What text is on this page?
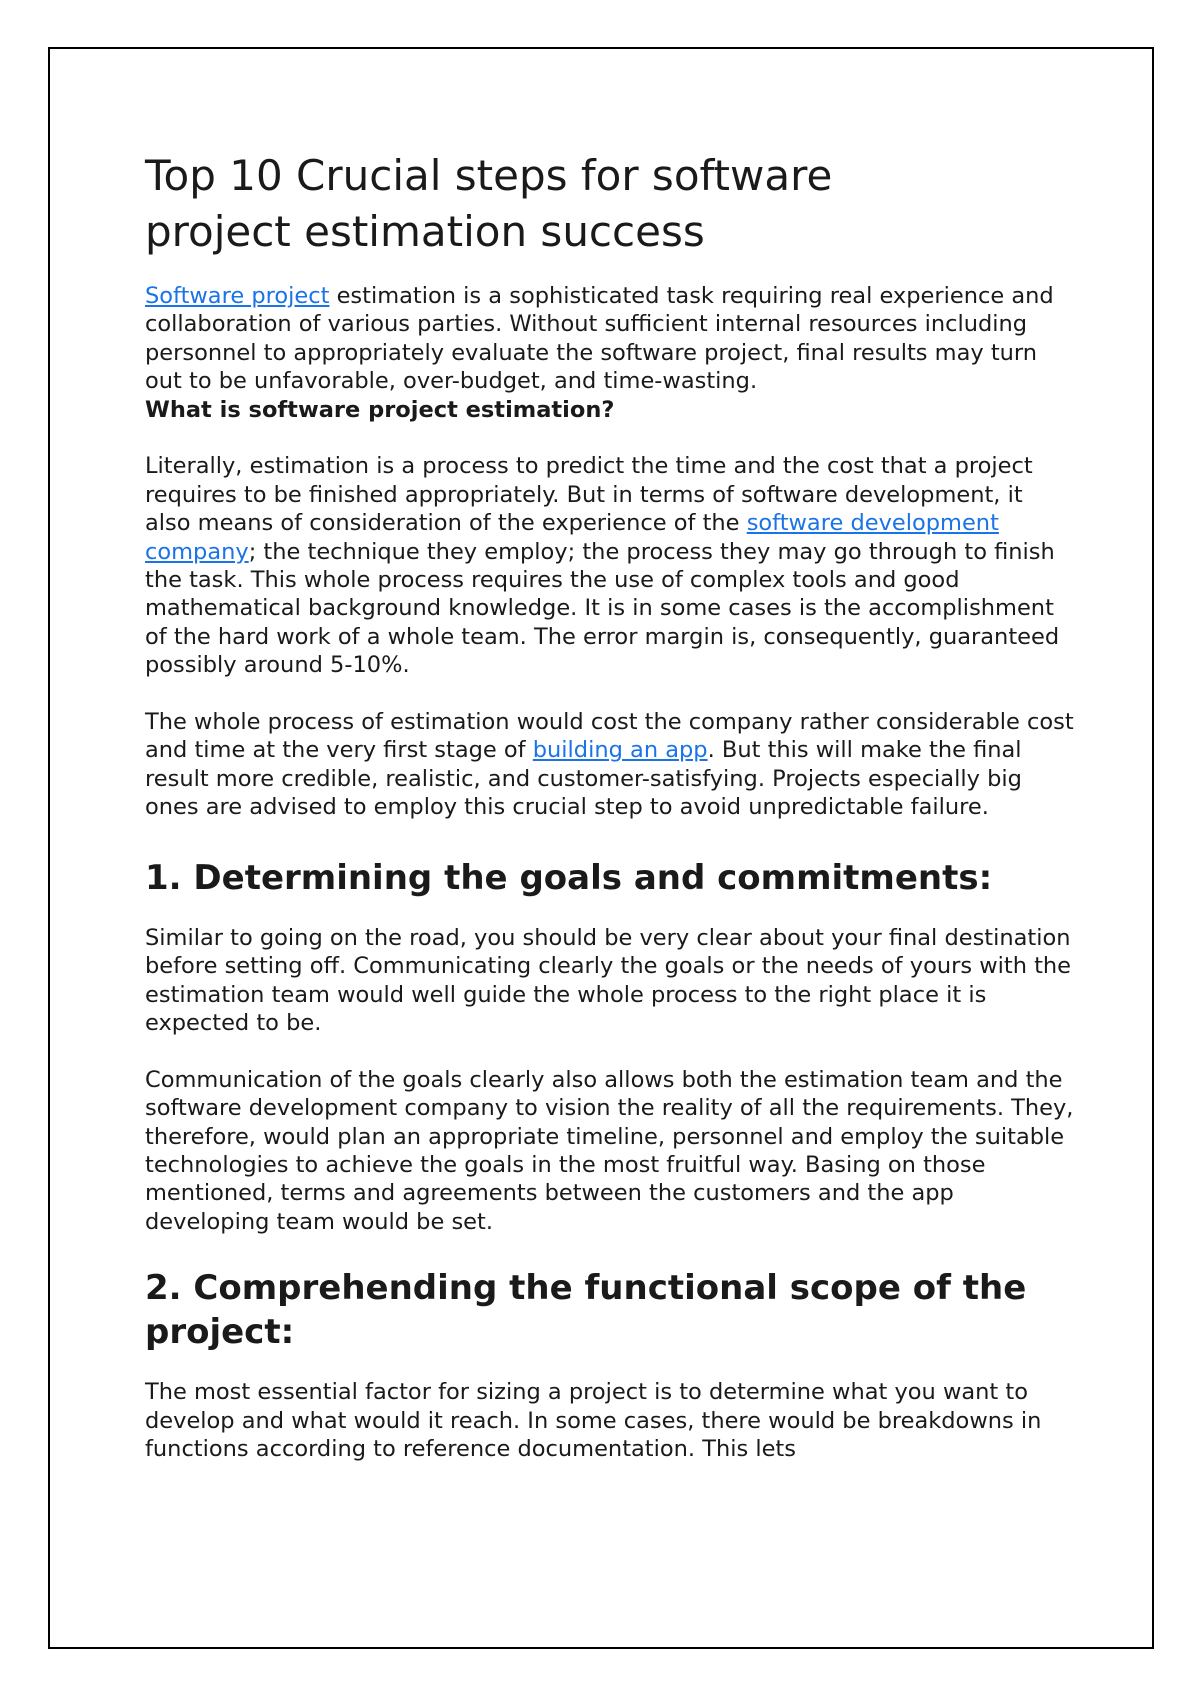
Top 10 Crucial steps for software
project estimation success

Software project estimation is a sophisticated task requiring real experience and collaboration of various parties. Without sufficient internal resources including personnel to appropriately evaluate the software project, final results may turn out to be unfavorable, over-budget, and time-wasting.

What is software project estimation?

Literally, estimation is a process to predict the time and the cost that a project requires to be finished appropriately. But in terms of software development, it also means of consideration of the experience of the software development company; the technique they employ; the process they may go through to finish the task. This whole process requires the use of complex tools and good mathematical background knowledge. It is in some cases is the accomplishment of the hard work of a whole team. The error margin is, consequently, guaranteed possibly around 5-10%.

The whole process of estimation would cost the company rather considerable cost and time at the very first stage of building an app. But this will make the final result more credible, realistic, and customer-satisfying. Projects especially big ones are advised to employ this crucial step to avoid unpredictable failure.

1. Determining the goals and commitments:

Similar to going on the road, you should be very clear about your final destination before setting off. Communicating clearly the goals or the needs of yours with the estimation team would well guide the whole process to the right place it is expected to be.

Communication of the goals clearly also allows both the estimation team and the software development company to vision the reality of all the requirements. They, therefore, would plan an appropriate timeline, personnel and employ the suitable technologies to achieve the goals in the most fruitful way. Basing on those mentioned, terms and agreements between the customers and the app developing team would be set.

2. Comprehending the functional scope of the project:

The most essential factor for sizing a project is to determine what you want to develop and what would it reach. In some cases, there would be breakdowns in functions according to reference documentation. This lets
